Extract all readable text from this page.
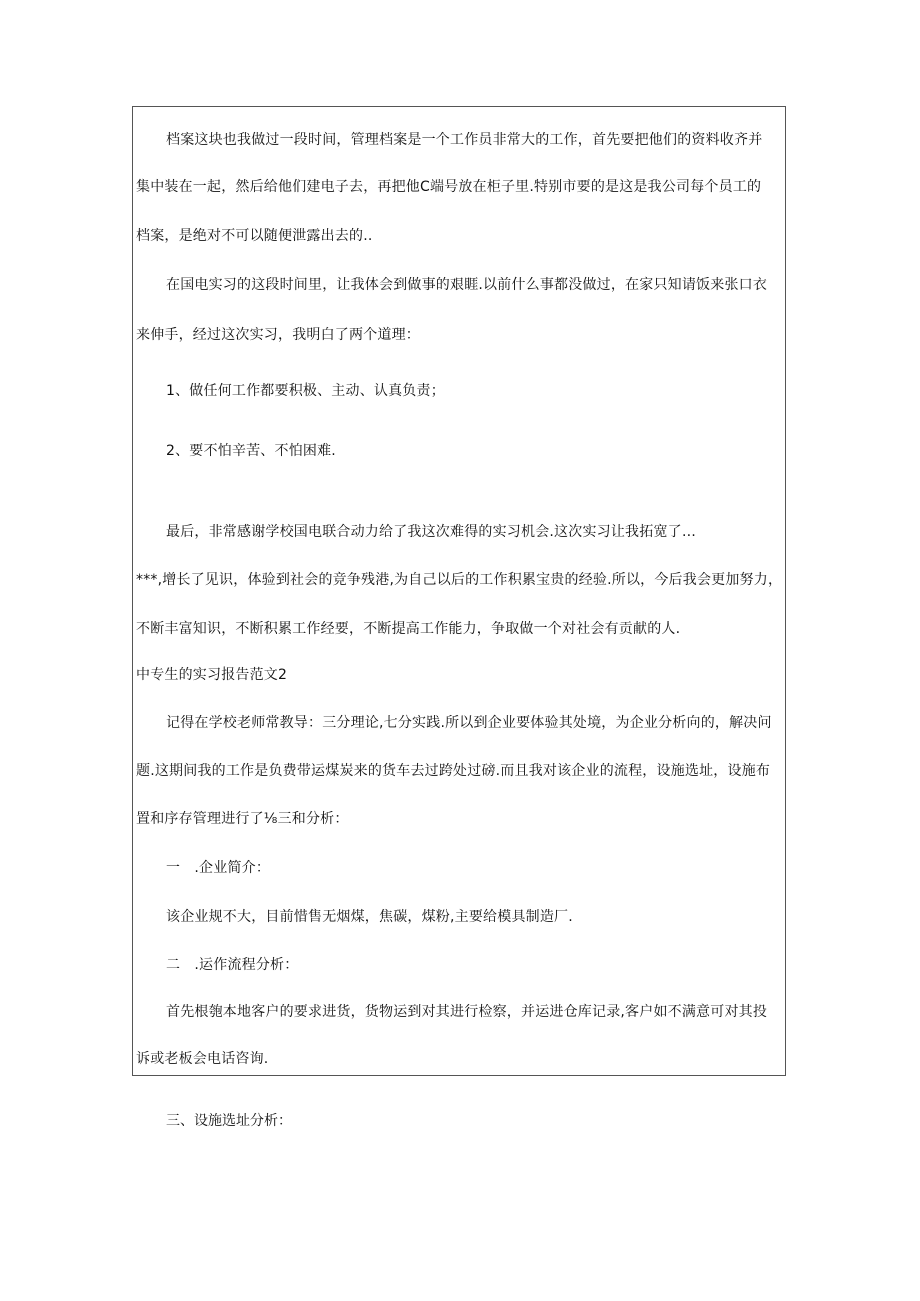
档案这块也我做过一段时间，管理档案是一个工作员非常大的工作，首先要把他们的资料收齐并
集中装在一起，然后给他们建电子去，再把他C端号放在柜子里.特别市要的是这是我公司每个员工的
档案，是绝对不可以随便泄露出去的..
在国电实习的这段时间里，让我体会到做事的艰睚.以前什么事都没做过，在家只知请饭来张口衣
来伸手，经过这次实习，我明白了两个道理：
1、做任何工作都要积极、主动、认真负责；
2、要不怕辛苦、不怕困难.
最后，非常感谢学校国电联合动力给了我这次难得的实习机会.这次实习让我拓宽了…
***,增长了见识，体验到社会的竞争残港,为自己以后的工作积累宝贵的经验.所以，今后我会更加努力，
不断丰富知识，不断积累工作经要，不断提高工作能力，争取做一个对社会有贡献的人.
中专生的实习报告范文2
记得在学校老师常教导：三分理论,七分实践.所以到企业要体验其处境，为企业分析向的，解决问
题.这期间我的工作是负费带运煤炭来的货车去过跨处过磅.而且我对该企业的流程，设施选址，设施布
置和序存管理进行了⅛三和分析：
一　.企业简介：
该企业规不大，目前惜售无烟煤，焦碳，煤粉,主要给模具制造厂.
二　.运作流程分析：
首先根匏本地客户的要求进货，货物运到对其进行检察，并运进仓库记录,客户如不满意可对其投
诉或老板会电话咨询.
三、设施选址分析：
